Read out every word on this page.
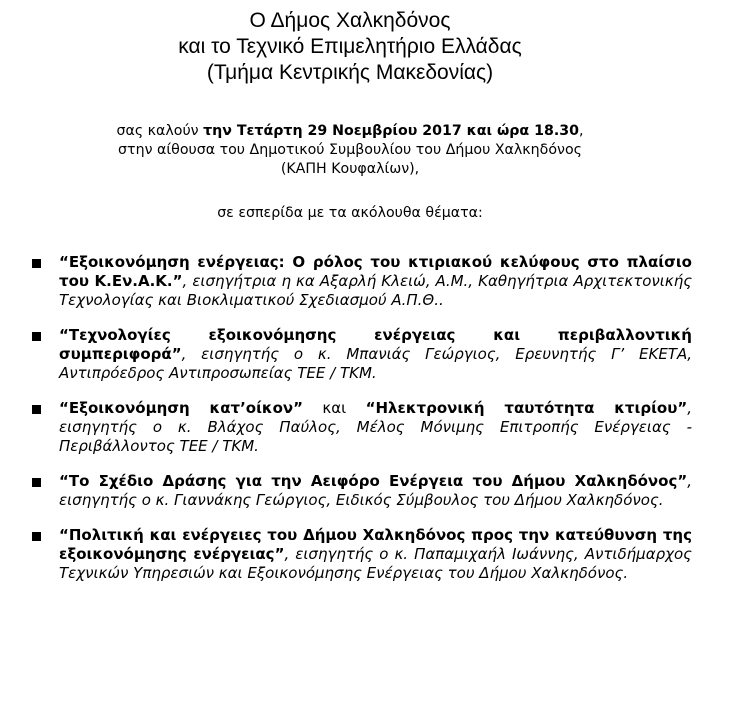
Ο Δήμος Χαλκηδόνος
και το Τεχνικό Επιμελητήριο Ελλάδας
(Τμήμα Κεντρικής Μακεδονίας)
σας καλούν την Τετάρτη 29 Νοεμβρίου 2017 και ώρα 18.30,
στην αίθουσα του Δημοτικού Συμβουλίου του Δήμου Χαλκηδόνος
(ΚΑΠΗ Κουφαλίων),
σε εσπερίδα με τα ακόλουθα θέματα:
“Εξοικονόμηση ενέργειας: Ο ρόλος του κτιριακού κελύφους στο πλαίσιο του Κ.Εν.Α.Κ.”, εισηγήτρια η κα Αξαρλή Κλειώ, Α.Μ., Καθηγήτρια Αρχιτεκτονικής Τεχνολογίας και Βιοκλιματικού Σχεδιασμού Α.Π.Θ..
“Τεχνολογίες εξοικονόμησης ενέργειας και περιβαλλοντική συμπεριφορά”, εισηγητής ο κ. Μπανιάς Γεώργιος, Ερευνητής Γ’ ΕΚΕΤΑ, Αντιπρόεδρος Αντιπροσωπείας ΤΕΕ / ΤΚΜ.
“Εξοικονόμηση κατ’οίκον” και “Ηλεκτρονική ταυτότητα κτιρίου”, εισηγητής ο κ. Βλάχος Παύλος, Μέλος Μόνιμης Επιτροπής Ενέργειας - Περιβάλλοντος ΤΕΕ / ΤΚΜ.
“Το Σχέδιο Δράσης για την Αειφόρο Ενέργεια του Δήμου Χαλκηδόνος”, εισηγητής ο κ. Γιαννάκης Γεώργιος, Ειδικός Σύμβουλος του Δήμου Χαλκηδόνος.
“Πολιτική και ενέργειες του Δήμου Χαλκηδόνος προς την κατεύθυνση της εξοικονόμησης ενέργειας”, εισηγητής ο κ. Παπαμιχαήλ Ιωάννης, Αντιδήμαρχος Τεχνικών Υπηρεσιών και Εξοικονόμησης Ενέργειας του Δήμου Χαλκηδόνος.
